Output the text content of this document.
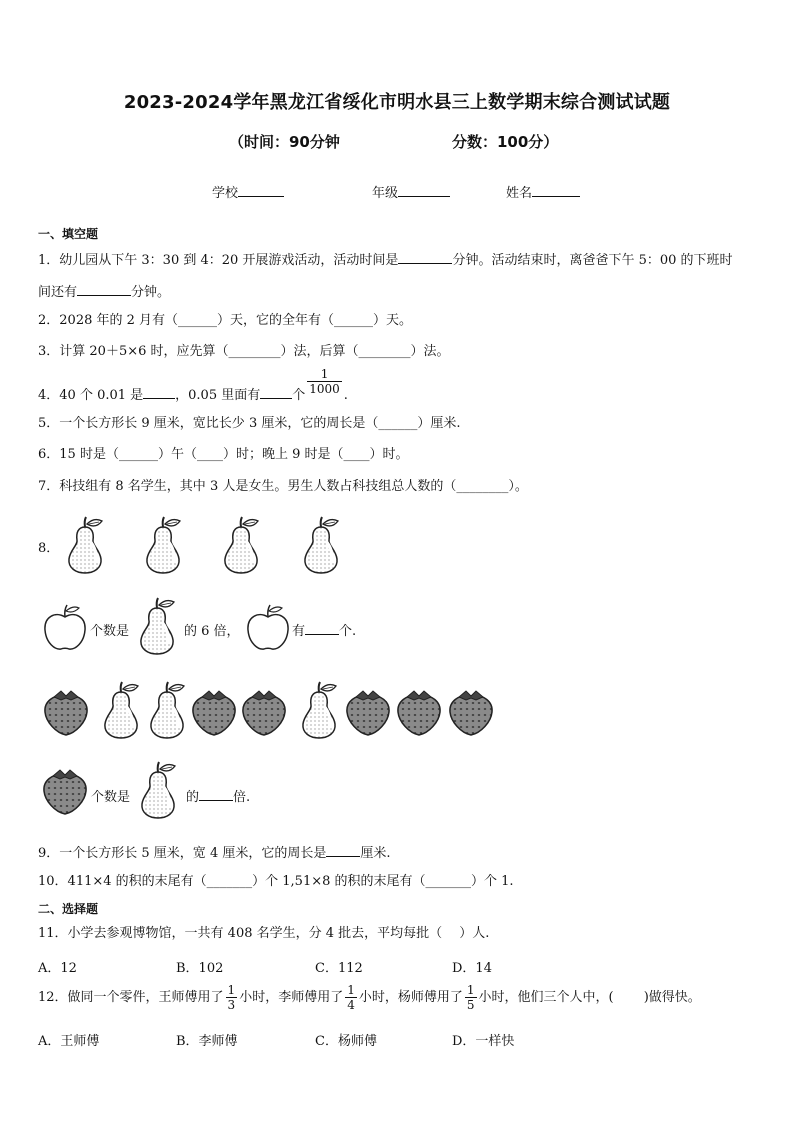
2023-2024学年黑龙江省绥化市明水县三上数学期末综合测试试题
（时间：90分钟	分数：100分）
学校	年级	姓名
一、填空题
1．幼儿园从下午 3：30 到 4：20 开展游戏活动，活动时间是	分钟。活动结束时，离爸爸下午 5：00 的下班时
间还有	分钟。
2．2028 年的 2 月有（______）天，它的全年有（______）天。
3．计算 20＋5×6 时，应先算（________）法，后算（________）法。
4．40 个 0.01 是 ，0.05 里面有 个 $\frac{1}{1000}$ .
5．一个长方形长 9 厘米，宽比长少 3 厘米，它的周长是（______）厘米.
6．15 时是（______）午（____）时；晚上 9 时是（____）时。
7．科技组有 8 名学生，其中 3 人是女生。男生人数占科技组总人数的（________）。
8．
个数是	的 6 倍，	有	个.
个数是	的	倍.
9．一个长方形长 5 厘米，宽 4 厘米，它的周长是	厘米.
10．411×4 的积的末尾有（_______）个 1,51×8 的积的末尾有（_______）个 1.
二、选择题
11．小学去参观博物馆，一共有 408 名学生，分 4 批去，平均每批（　 ）人.
A．12	B．102	C．112	D．14
12．做同一个零件，王师傅用了 $\frac{1}{3}$ 小时，李师傅用了 $\frac{1}{4}$ 小时，杨师傅用了 $\frac{1}{5}$ 小时，他们三个人中，(　　 )做得快。
A．王师傅	B．李师傅	C．杨师傅	D．一样快
